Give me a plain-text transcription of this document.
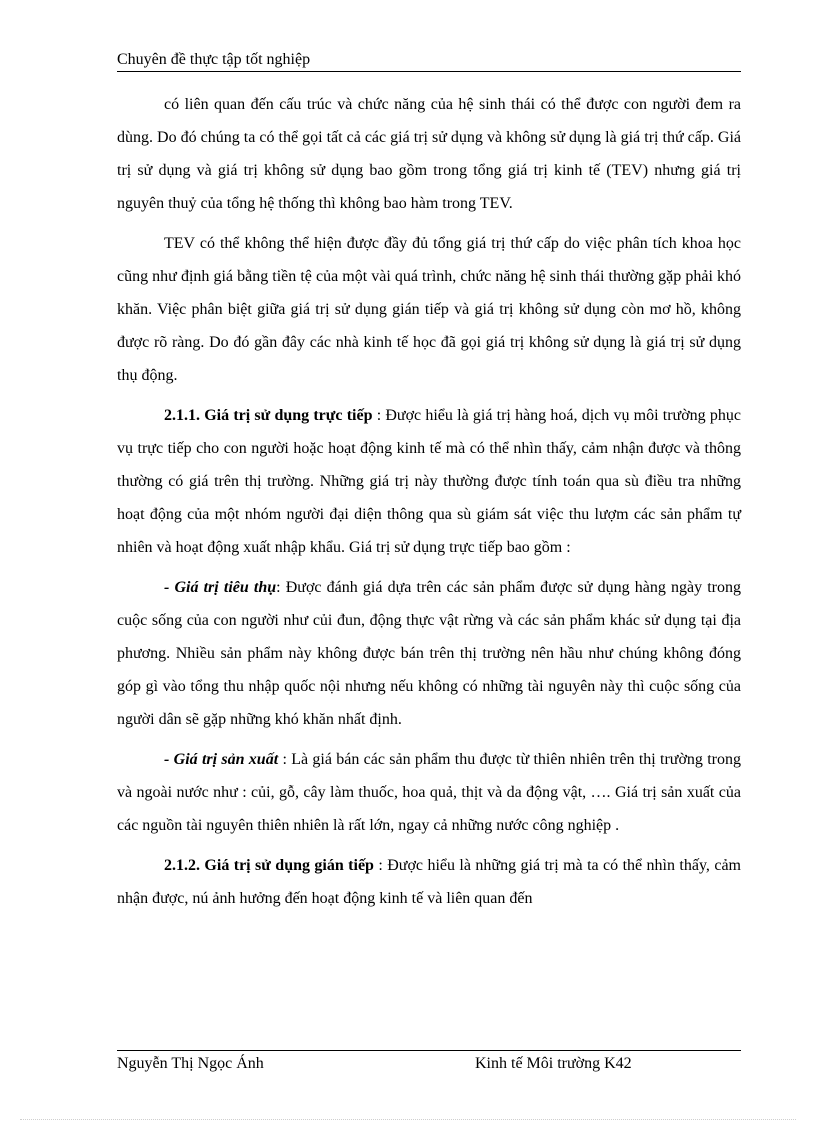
Chuyên đề thực tập tốt nghiệp

có liên quan đến cấu trúc và chức năng của hệ sinh thái có thể được con người đem ra dùng. Do đó chúng ta có thể gọi tất cả các giá trị sử dụng và không sử dụng là giá trị thứ cấp. Giá trị sử dụng và giá trị không sử dụng bao gồm trong tổng giá trị kinh tế (TEV) nhưng giá trị nguyên thuỷ của tổng hệ thống thì không bao hàm trong TEV.

TEV có thể không thể hiện được đầy đủ tổng giá trị thứ cấp do việc phân tích khoa học cũng như định giá bằng tiền tệ của một vài quá trình, chức năng hệ sinh thái thường gặp phải khó khăn. Việc phân biệt giữa giá trị sử dụng gián tiếp và giá trị không sử dụng còn mơ hồ, không được rõ ràng. Do đó gần đây các nhà kinh tế học đã gọi giá trị không sử dụng là giá trị sử dụng thụ động.

2.1.1. Giá trị sử dụng trực tiếp : Được hiểu là giá trị hàng hoá, dịch vụ môi trường phục vụ trực tiếp cho con người hoặc hoạt động kinh tế mà có thể nhìn thấy, cảm nhận được và thông thường có giá trên thị trường. Những giá trị này thường được tính toán qua sù điều tra những hoạt động của một nhóm người đại diện thông qua sù giám sát việc thu lượm các sản phẩm tự nhiên và hoạt động xuất nhập khẩu. Giá trị sử dụng trực tiếp bao gồm :

- Giá trị tiêu thụ: Được đánh giá dựa trên các sản phẩm được sử dụng hàng ngày trong cuộc sống của con người như củi đun, động thực vật rừng và các sản phẩm khác sử dụng tại địa phương. Nhiều sản phẩm này không được bán trên thị trường nên hầu như chúng không đóng góp gì vào tổng thu nhập quốc nội nhưng nếu không có những tài nguyên này thì cuộc sống của người dân sẽ gặp những khó khăn nhất định.

- Giá trị sản xuất : Là giá bán các sản phẩm thu được từ thiên nhiên trên thị trường trong và ngoài nước như : củi, gỗ, cây làm thuốc, hoa quả, thịt và da động vật, …. Giá trị sản xuất của các nguồn tài nguyên thiên nhiên là rất lớn, ngay cả những nước công nghiệp .

2.1.2. Giá trị sử dụng gián tiếp : Được hiểu là những giá trị mà ta có thể nhìn thấy, cảm nhận được, nú ảnh hưởng đến hoạt động kinh tế và liên quan đến

Nguyễn Thị Ngọc Ánh	Kinh tế Môi trường K42
